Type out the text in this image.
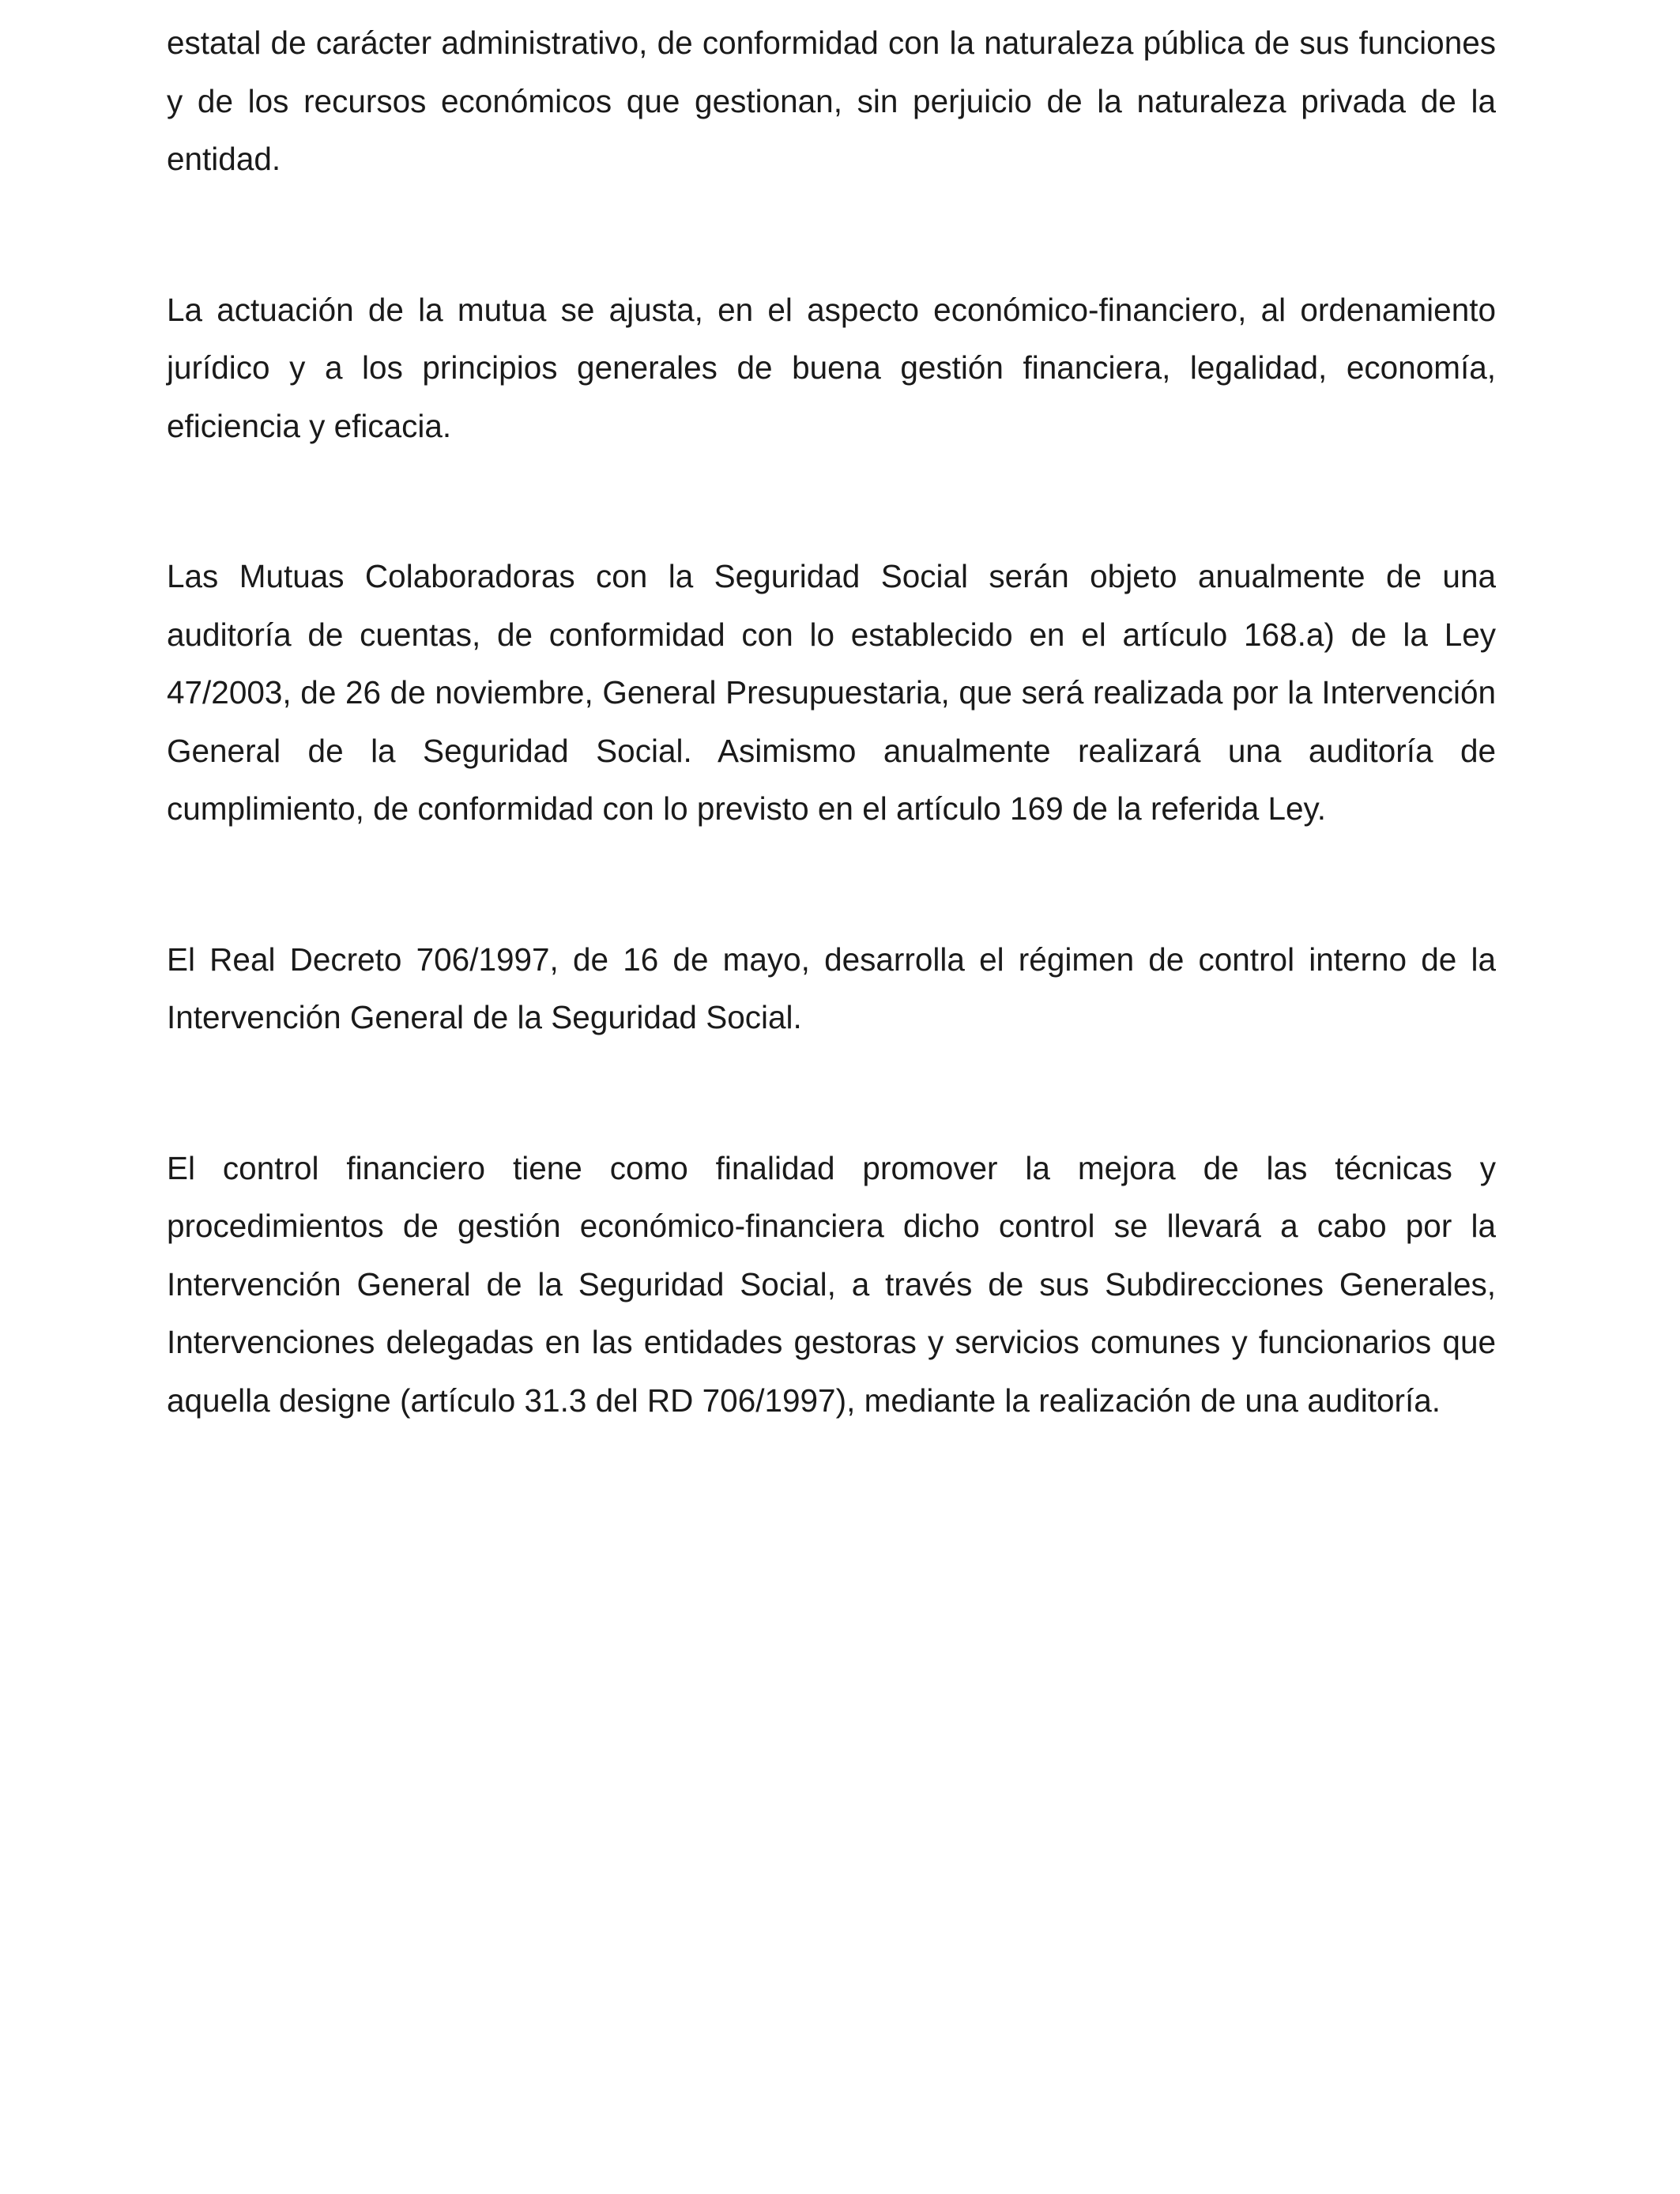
estatal de carácter administrativo, de conformidad con la naturaleza pública de sus funciones y de los recursos económicos que gestionan, sin perjuicio de la naturaleza privada de la entidad.

La actuación de la mutua se ajusta, en el aspecto económico-financiero, al ordenamiento jurídico y a los principios generales de buena gestión financiera, legalidad, economía, eficiencia y eficacia.

Las Mutuas Colaboradoras con la Seguridad Social serán objeto anualmente de una auditoría de cuentas, de conformidad con lo establecido en el artículo 168.a) de la Ley 47/2003, de 26 de noviembre, General Presupuestaria, que será realizada por la Intervención General de la Seguridad Social. Asimismo anualmente realizará una auditoría de cumplimiento, de conformidad con lo previsto en el artículo 169 de la referida Ley.

El Real Decreto 706/1997, de 16 de mayo, desarrolla el régimen de control interno de la Intervención General de la Seguridad Social.

El control financiero tiene como finalidad promover la mejora de las técnicas y procedimientos de gestión económico-financiera dicho control se llevará a cabo por la Intervención General de la Seguridad Social, a través de sus Subdirecciones Generales, Intervenciones delegadas en las entidades gestoras y servicios comunes y funcionarios que aquella designe (artículo 31.3 del RD 706/1997), mediante la realización de una auditoría.
